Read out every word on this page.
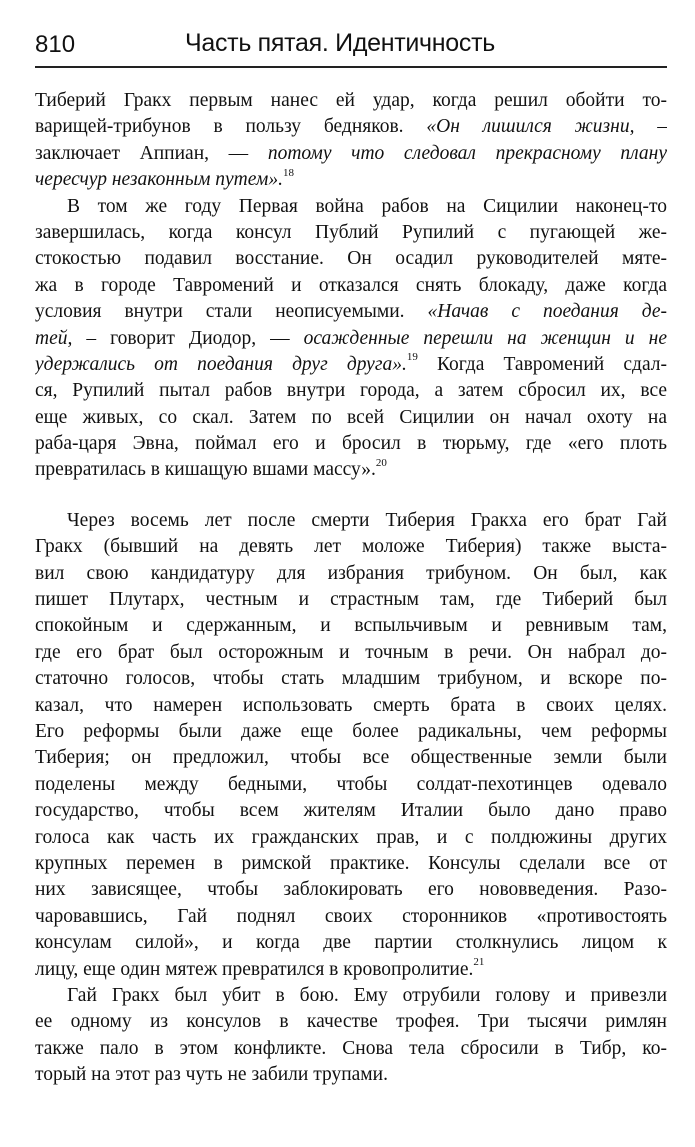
810	Часть пятая. Идентичность
Тиберий Гракх первым нанес ей удар, когда решил обойти то-
варищей-трибунов в пользу бедняков. «Он лишился жизни, –
заключает Аппиан, — потому что следовал прекрасному плану
чересчур незаконным путем».$^{18}$
В том же году Первая война рабов на Сицилии наконец-то
завершилась, когда консул Публий Рупилий с пугающей же-
стокостью подавил восстание. Он осадил руководителей мяте-
жа в городе Тавромений и отказался снять блокаду, даже когда
условия внутри стали неописуемыми. «Начав с поедания де-
тей, – говорит Диодор, — осажденные перешли на женщин и не
удержались от поедания друг друга».$^{19}$ Когда Тавромений сдал-
ся, Рупилий пытал рабов внутри города, а затем сбросил их, все
еще живых, со скал. Затем по всей Сицилии он начал охоту на
раба-царя Эвна, поймал его и бросил в тюрьму, где «его плоть
превратилась в кишащую вшами массу».$^{20}$
Через восемь лет после смерти Тиберия Гракха его брат Гай
Гракх (бывший на девять лет моложе Тиберия) также выста-
вил свою кандидатуру для избрания трибуном. Он был, как
пишет Плутарх, честным и страстным там, где Тиберий был
спокойным и сдержанным, и вспыльчивым и ревнивым там,
где его брат был осторожным и точным в речи. Он набрал до-
статочно голосов, чтобы стать младшим трибуном, и вскоре по-
казал, что намерен использовать смерть брата в своих целях.
Его реформы были даже еще более радикальны, чем реформы
Тиберия; он предложил, чтобы все общественные земли были
поделены между бедными, чтобы солдат-пехотинцев одевало
государство, чтобы всем жителям Италии было дано право
голоса как часть их гражданских прав, и с полдюжины других
крупных перемен в римской практике. Консулы сделали все от
них зависящее, чтобы заблокировать его нововведения. Разо-
чаровавшись, Гай поднял своих сторонников «противостоять
консулам силой», и когда две партии столкнулись лицом к
лицу, еще один мятеж превратился в кровопролитие.$^{21}$
Гай Гракх был убит в бою. Ему отрубили голову и привезли
ее одному из консулов в качестве трофея. Три тысячи римлян
также пало в этом конфликте. Снова тела сбросили в Тибр, ко-
торый на этот раз чуть не забили трупами.
